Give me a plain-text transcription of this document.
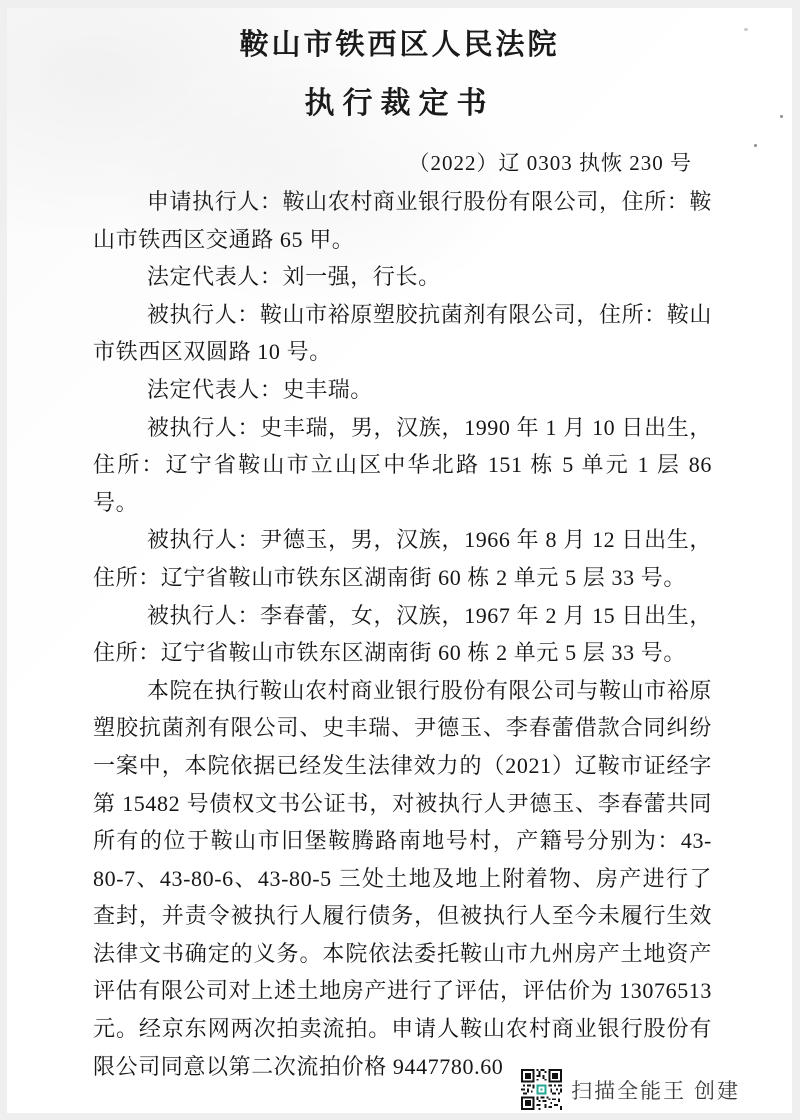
鞍山市铁西区人民法院
执行裁定书
（2022）辽 0303 执恢 230 号

申请执行人：鞍山农村商业银行股份有限公司，住所：鞍山市铁西区交通路 65 甲。

法定代表人：刘一强，行长。

被执行人：鞍山市裕原塑胶抗菌剂有限公司，住所：鞍山市铁西区双圆路 10 号。

法定代表人：史丰瑞。

被执行人：史丰瑞，男，汉族，1990 年 1 月 10 日出生，住所：辽宁省鞍山市立山区中华北路 151 栋 5 单元 1 层 86 号。

被执行人：尹德玉，男，汉族，1966 年 8 月 12 日出生，住所：辽宁省鞍山市铁东区湖南街 60 栋 2 单元 5 层 33 号。

被执行人：李春蕾，女，汉族，1967 年 2 月 15 日出生，住所：辽宁省鞍山市铁东区湖南街 60 栋 2 单元 5 层 33 号。

本院在执行鞍山农村商业银行股份有限公司与鞍山市裕原塑胶抗菌剂有限公司、史丰瑞、尹德玉、李春蕾借款合同纠纷一案中，本院依据已经发生法律效力的（2021）辽鞍市证经字第 15482 号债权文书公证书，对被执行人尹德玉、李春蕾共同所有的位于鞍山市旧堡鞍腾路南地号村，产籍号分别为：43-80-7、43-80-6、43-80-5 三处土地及地上附着物、房产进行了查封，并责令被执行人履行债务，但被执行人至今未履行生效法律文书确定的义务。本院依法委托鞍山市九州房产土地资产评估有限公司对上述土地房产进行了评估，评估价为 13076513 元。经京东网两次拍卖流拍。申请人鞍山农村商业银行股份有限公司同意以第二次流拍价格 9447780.60

扫描全能王 创建
